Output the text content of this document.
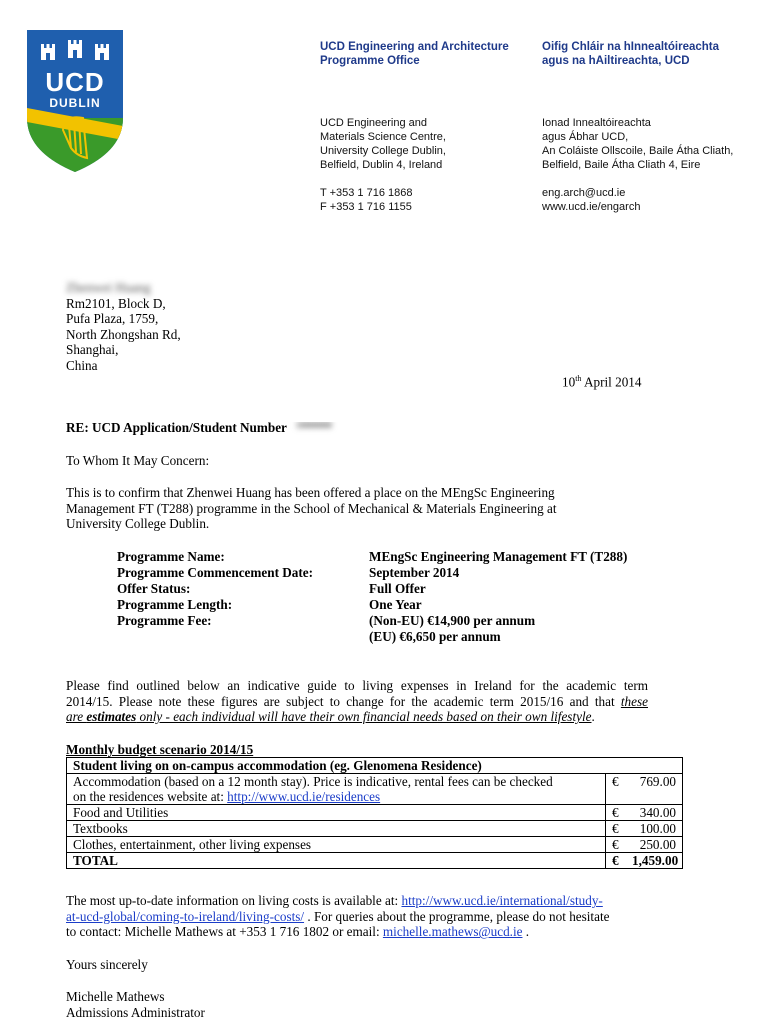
UCD
DUBLIN
UCD Engineering and Architecture
Programme Office
Oifig Chláir na hInnealtóireachta
agus na hAiltireachta, UCD
UCD Engineering and
Materials Science Centre,
University College Dublin,
Belfield, Dublin 4, Ireland
T +353 1 716 1868
F +353 1 716 1155
Ionad Innealtóireachta
agus Ábhar UCD,
An Coláiste Ollscoile, Baile Átha Cliath,
Belfield, Baile Átha Cliath 4, Eire
eng.arch@ucd.ie
www.ucd.ie/engarch
Zhenwei Huang
Rm2101, Block D,
Pufa Plaza, 1759,
North Zhongshan Rd,
Shanghai,
China
10th April 2014
RE: UCD Application/Student Number 10000000
To Whom It May Concern:
This is to confirm that Zhenwei Huang has been offered a place on the MEngSc Engineering
Management FT (T288) programme in the School of Mechanical & Materials Engineering at
University College Dublin.
Programme Name:	MEngSc Engineering Management FT (T288)
Programme Commencement Date:	September 2014
Offer Status:	Full Offer
Programme Length:	One Year
Programme Fee:	(Non-EU) €14,900 per annum
(EU) €6,650 per annum
Please find outlined below an indicative guide to living expenses in Ireland for the academic term
2014/15. Please note these figures are subject to change for the academic term 2015/16 and that these
are estimates only - each individual will have their own financial needs based on their own lifestyle.
Monthly budget scenario 2014/15
Student living on on-campus accommodation (eg. Glenomena Residence)	

Accommodation (based on a 12 month stay). Price is indicative, rental fees can be checked
on the residences website at: http://www.ucd.ie/residences	€ 769.00
Food and Utilities	€ 340.00
Textbooks	€ 100.00
Clothes, entertainment, other living expenses	€ 250.00
TOTAL	€ 1,459.00
The most up-to-date information on living costs is available at: http://www.ucd.ie/international/study-
at-ucd-global/coming-to-ireland/living-costs/ . For queries about the programme, please do not hesitate
to contact: Michelle Mathews at +353 1 716 1802 or email: michelle.mathews@ucd.ie .
Yours sincerely
Michelle Mathews
Admissions Administrator
